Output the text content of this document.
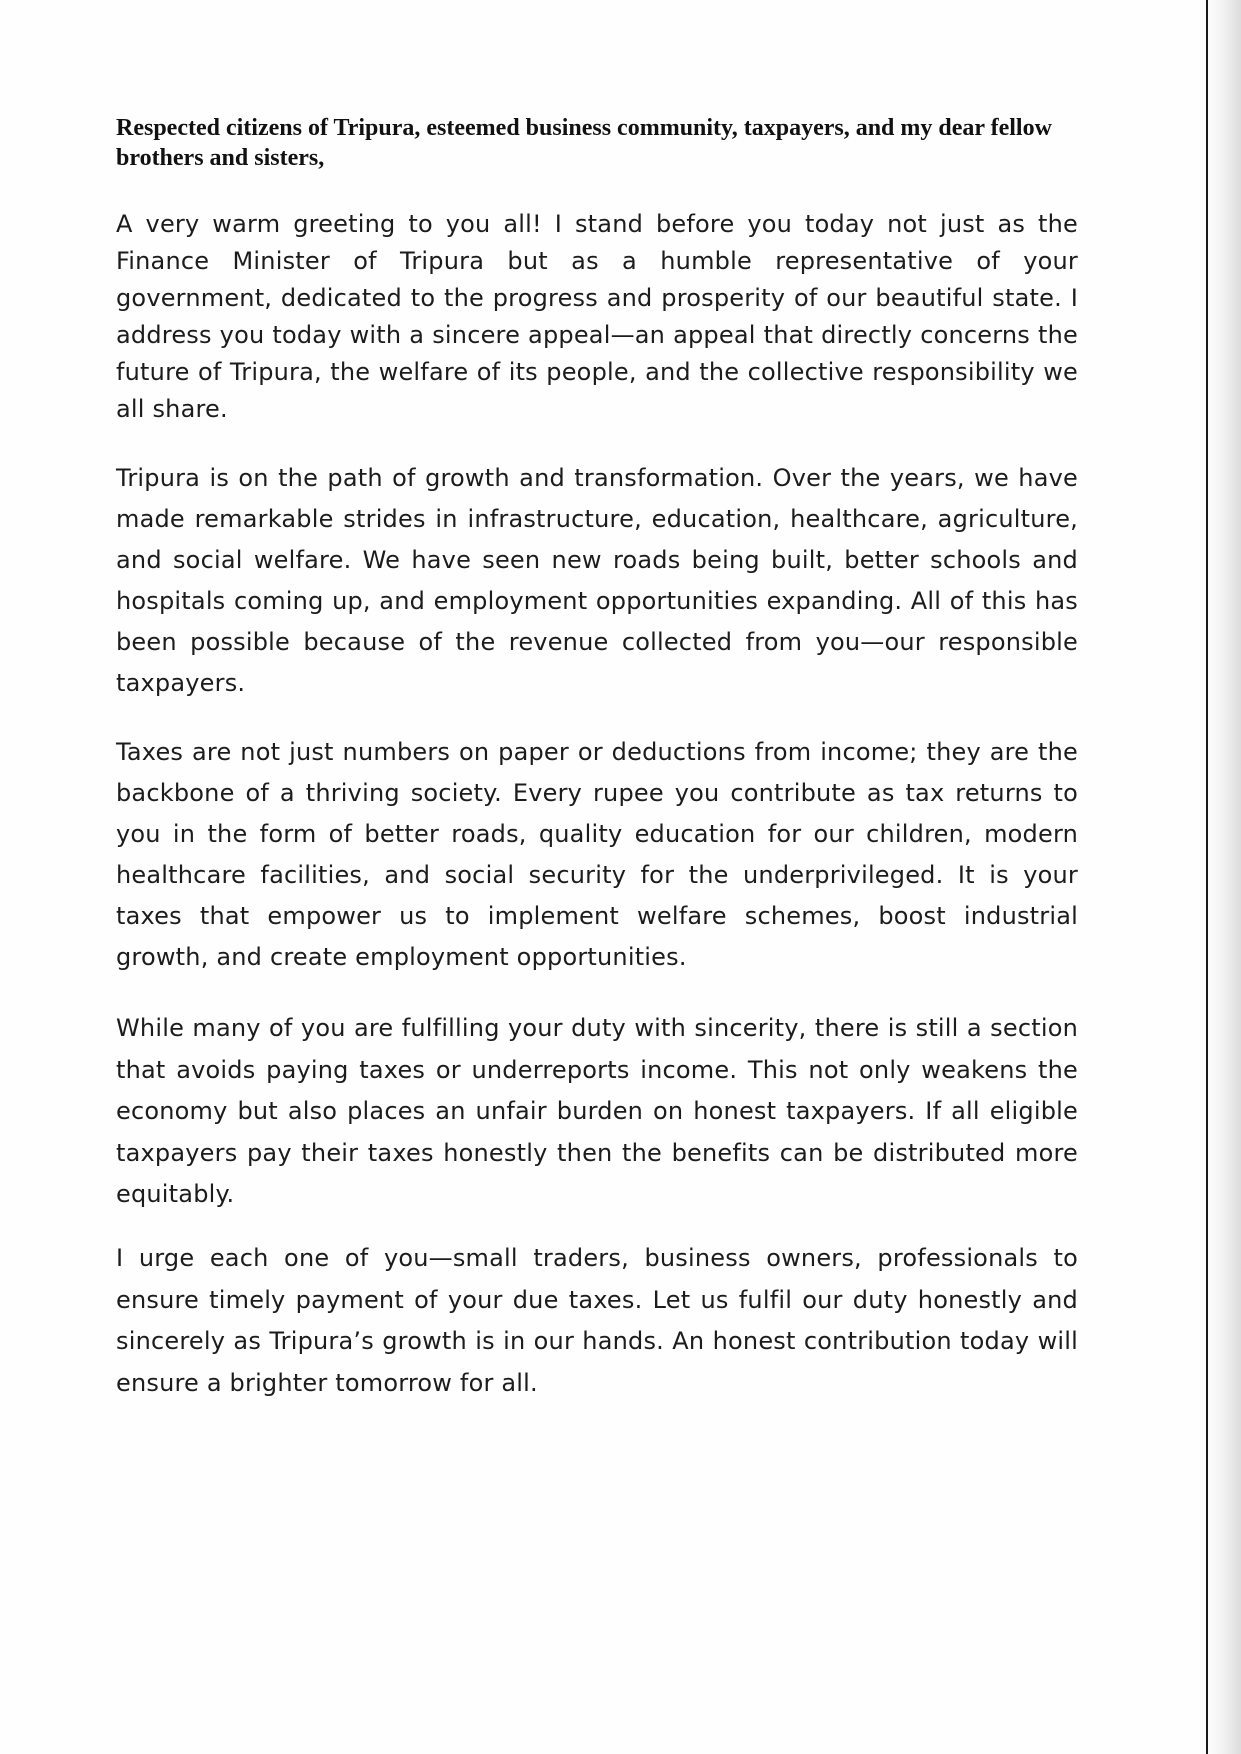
Respected citizens of Tripura, esteemed business community, taxpayers, and my dear fellow brothers and sisters,

A very warm greeting to you all! I stand before you today not just as the Finance Minister of Tripura but as a humble representative of your government, dedicated to the progress and prosperity of our beautiful state. I address you today with a sincere appeal—an appeal that directly concerns the future of Tripura, the welfare of its people, and the collective responsibility we all share.

Tripura is on the path of growth and transformation. Over the years, we have made remarkable strides in infrastructure, education, healthcare, agriculture, and social welfare. We have seen new roads being built, better schools and hospitals coming up, and employment opportunities expanding. All of this has been possible because of the revenue collected from you—our responsible taxpayers.

Taxes are not just numbers on paper or deductions from income; they are the backbone of a thriving society. Every rupee you contribute as tax returns to you in the form of better roads, quality education for our children, modern healthcare facilities, and social security for the underprivileged. It is your taxes that empower us to implement welfare schemes, boost industrial growth, and create employment opportunities.

While many of you are fulfilling your duty with sincerity, there is still a section that avoids paying taxes or underreports income. This not only weakens the economy but also places an unfair burden on honest taxpayers. If all eligible taxpayers pay their taxes honestly then the benefits can be distributed more equitably.

I urge each one of you—small traders, business owners, professionals to ensure timely payment of your due taxes. Let us fulfil our duty honestly and sincerely as Tripura’s growth is in our hands. An honest contribution today will ensure a brighter tomorrow for all.
